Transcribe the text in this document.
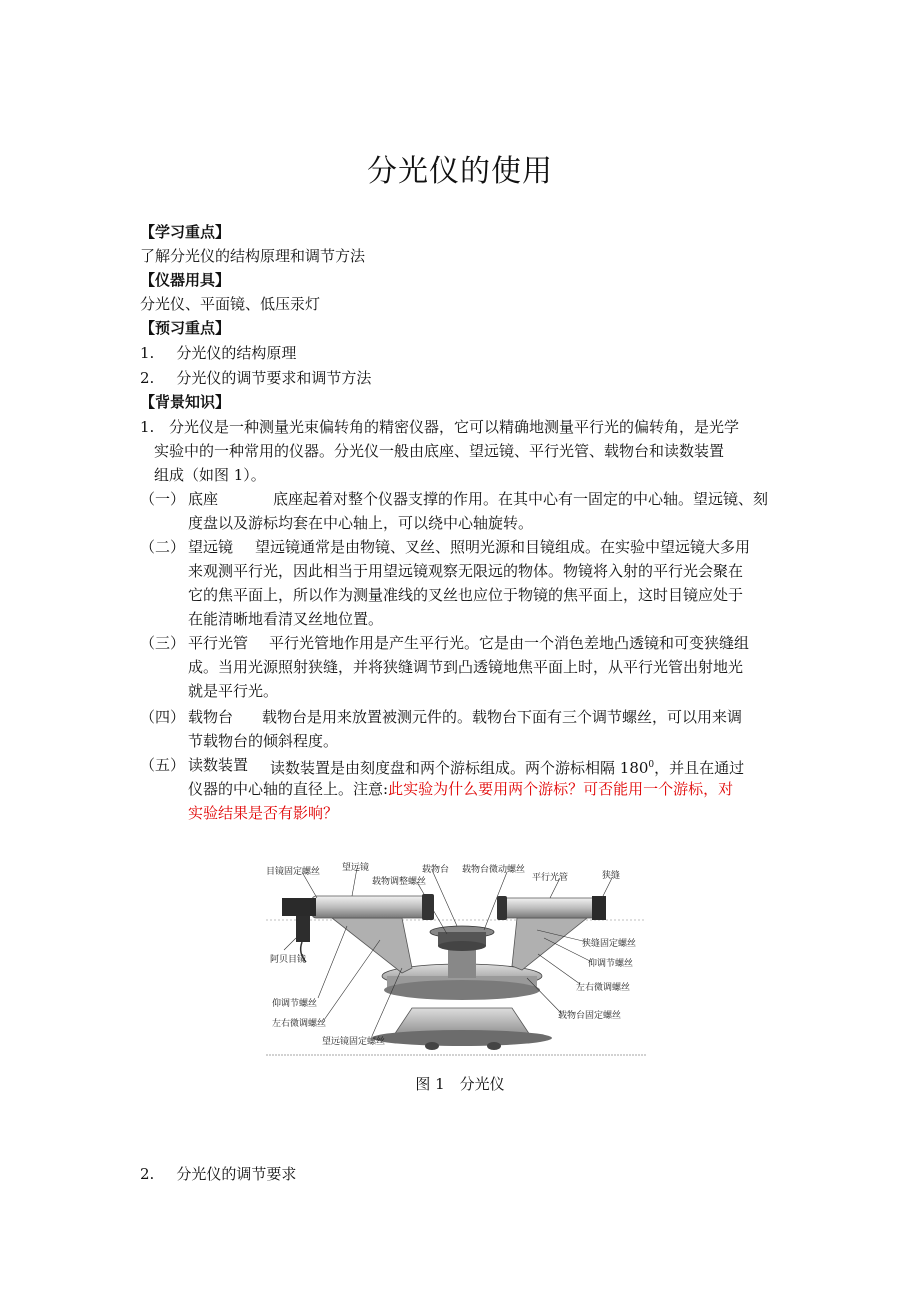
分光仪的使用
【学习重点】
了解分光仪的结构原理和调节方法
【仪器用具】
分光仪、平面镜、低压汞灯
【预习重点】
1. 分光仪的结构原理
2. 分光仪的调节要求和调节方法
【背景知识】
1. 分光仪是一种测量光束偏转角的精密仪器，它可以精确地测量平行光的偏转角，是光学
实验中的一种常用的仪器。分光仪一般由底座、望远镜、平行光管、载物台和读数装置
组成（如图 1）。
（一） 底座	底座起着对整个仪器支撑的作用。在其中心有一固定的中心轴。望远镜、刻
度盘以及游标均套在中心轴上，可以绕中心轴旋转。
（二） 望远镜 望远镜通常是由物镜、叉丝、照明光源和目镜组成。在实验中望远镜大多用
来观测平行光，因此相当于用望远镜观察无限远的物体。物镜将入射的平行光会聚在
它的焦平面上，所以作为测量准线的叉丝也应位于物镜的焦平面上，这时目镜应处于
在能清晰地看清叉丝地位置。
（三） 平行光管 平行光管地作用是产生平行光。它是由一个消色差地凸透镜和可变狭缝组
成。当用光源照射狭缝，并将狭缝调节到凸透镜地焦平面上时，从平行光管出射地光
就是平行光。
（四） 载物台 载物台是用来放置被测元件的。载物台下面有三个调节螺丝，可以用来调
节载物台的倾斜程度。
（五） 读数装置 读数装置是由刻度盘和两个游标组成。两个游标相隔 $180^0$，并且在通过
仪器的中心轴的直径上。注意:此实验为什么要用两个游标？可否能用一个游标，对
实验结果是否有影响？
目镜固定螺丝 望远镜	载物台
载物调整螺丝
载物台微动螺丝
平行光管	狭缝
狭缝固定螺丝
阿贝目镜	仰调节螺丝
左右微调螺丝
载物台固定螺丝
仰调节螺丝
左右微调螺丝
望远镜固定螺丝
图 1　分光仪
2. 分光仪的调节要求
